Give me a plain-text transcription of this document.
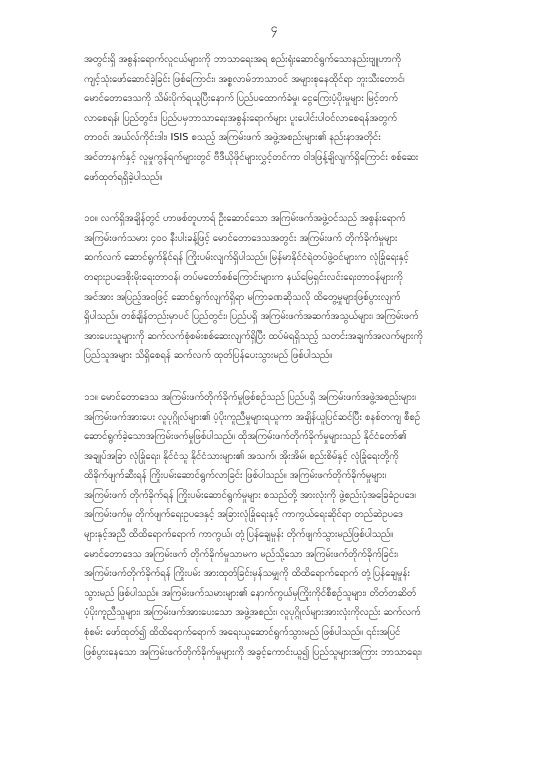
၄
အတွင်းရှိ အစွန်းရောက်လူငယ်များကို ဘာသာရေးအရ စည်းရုံးဆောင်ရွက်သောနည်းဗျူဟာကို
ကျင့်သုံးဖော်ဆောင်ခဲ့ခြင်း ဖြစ်ကြောင်း၊ အစ္စလာမ်ဘာသာဝင် အများစုနေထိုင်ရာ ဘူးသီးတောင်၊
မောင်တောဒေသကို သိမ်းပိုက်ရယူပြီးနောက် ပြည်ပထောက်ခံမှု၊ ငွေကြေးပံ့ပိုးမှုများ မြင့်တက်
လာစေရန်၊ ပြည်တွင်း၊ ပြည်ပမှဘာသာရေးအစွန်းရောက်များ ပူးပေါင်းပါဝင်လာစေရန်အတွက်
တာဝင်၊ အယ်လ်ကိုင်းဒါး၊ ISIS စသည့် အကြမ်းဖက် အဖွဲ့အစည်းများ၏ နည်းနာအတိုင်း
အင်တာနက်နှင့် လူမှုကွန်ရက်များတွင် ဗီဒီယိုဖိုင်များလွှင့်တင်ကာ ဝါဒဖြန့်ချိလျက်ရှိကြောင်း စစ်ဆေး
ဖော်ထုတ်ရရှိခဲ့ပါသည်။
၁၀။ လက်ရှိအချိန်တွင် ဟာဖစ်တူဟာရ် ဦးဆောင်သော အကြမ်းဖက်အဖွဲ့ဝင်သည် အစွန်းရောက်
အကြမ်းဖက်သမား ၄၀၀ နီးပါးခန့်ဖြင့် မောင်တောဒေသအတွင်း အကြမ်းဖက် တိုက်ခိုက်မှုများ
ဆက်လက် ဆောင်ရွက်နိုင်ရန် ကြိုးပမ်းလျက်ရှိပါသည်။ မြန်မာနိုင်ငံရဲတပ်ဖွဲ့ဝင်များက လုံခြုံရေးနှင့်
တရားဥပဒေစိုးမိုးရေးတာဝန်၊ တပ်မတော်စစ်ကြောင်းများက နယ်မြေရှင်းလင်းရေးတာဝန်များကို
အင်အား အပြည့်အဝဖြင့် ဆောင်ရွက်လျက်ရှိရာ မကြာခဏဆိုသလို ထိတွေ့မှုများဖြစ်ပွားလျက်
ရှိပါသည်။ တစ်ချိန်တည်းမှာပင် ပြည်တွင်း၊ ပြည်ပရှိ အကြမ်းဖက်အဆက်အသွယ်များ၊ အကြမ်းဖက်
အားပေးသူများကို ဆက်လက်စုံစမ်းစစ်ဆေးလျက်ရှိပြီး ထပ်မံရရှိသည့် သတင်းအချက်အလက်များကို
ပြည်သူအများ သိရှိစေရန် ဆက်လက် ထုတ်ပြန်ပေးသွားမည် ဖြစ်ပါသည်။
၁၁။ မောင်တောဒေသ အကြမ်းဖက်တိုက်ခိုက်မှုဖြစ်စဉ်သည် ပြည်ပရှိ အကြမ်းဖက်အဖွဲ့အစည်းများ၊
အကြမ်းဖက်အားပေး လူပုဂ္ဂိုလ်များ၏ ပံ့ပိုးကူညီမှုများရယူကာ အချိန်ယူပြင်ဆင်ပြီး စနစ်တကျ စီစဉ်
ဆောင်ရွက်ခဲ့သောအကြမ်းဖက်မှုဖြစ်ပါသည်။ ထိုအကြမ်းဖက်တိုက်ခိုက်မှုများသည် နိုင်ငံတော်၏
အချုပ်အခြာ လုံခြုံရေး၊ နိုင်ငံသူ နိုင်ငံသားများ၏ အသက်၊ အိုးအိမ်၊ စည်းစိမ်နှင့် လုံခြုံရေးတို့ကို
ထိခိုက်ဖျက်ဆီးရန် ကြိုးပမ်းဆောင်ရွက်လာခြင်း ဖြစ်ပါသည်။ အကြမ်းဖက်တိုက်ခိုက်မှုများ၊
အကြမ်းဖက် တိုက်ခိုက်ရန် ကြိုးပမ်းဆောင်ရွက်မှုများ စသည်တို့ အားလုံးကို ဖွဲ့စည်းပုံအခြေခံဥပဒေ၊
အကြမ်းဖက်မှု တိုက်ဖျက်ရေးဥပဒေနှင့် အခြားလုံခြုံရေးနှင့် ကာကွယ်ရေးဆိုင်ရာ တည်ဆဲဥပဒေ
များနှင့်အညီ ထိထိရောက်ရောက် ကာကွယ်၊ တုံ့ပြန်ချေမှုန်း တိုက်ဖျက်သွားမည်ဖြစ်ပါသည်။
မောင်တောဒေသ အကြမ်းဖက် တိုက်ခိုက်မှုသာမက မည်သို့သော အကြမ်းဖက်တိုက်ခိုက်ခြင်း၊
အကြမ်းဖက်တိုက်ခိုက်ရန် ကြိုးပမ်း အားထုတ်ခြင်းမှန်သမျှကို ထိထိရောက်ရောက် တုံ့ပြန်ချေမှုန်း
သွားမည် ဖြစ်ပါသည်။ အကြမ်းဖက်သမားများ၏ နောက်ကွယ်မှကြိုးကိုင်စီစဉ်သူများ၊ တိတ်တဆိတ်
ပံ့ပိုးကူညီသူများ၊ အကြမ်းဖက်အားပေးသော အဖွဲ့အစည်း၊ လူပုဂ္ဂိုလ်များအားလုံးကိုလည်း ဆက်လက်
စုံစမ်း ဖော်ထုတ်၍ ထိထိရောက်ရောက် အရေးယူဆောင်ရွက်သွားမည် ဖြစ်ပါသည်။ ၎င်းအပြင်
ဖြစ်ပွားနေသော အကြမ်းဖက်တိုက်ခိုက်မှုများကို အခွင့်ကောင်းယူ၍ ပြည်သူများအကြား ဘာသာရေး၊
